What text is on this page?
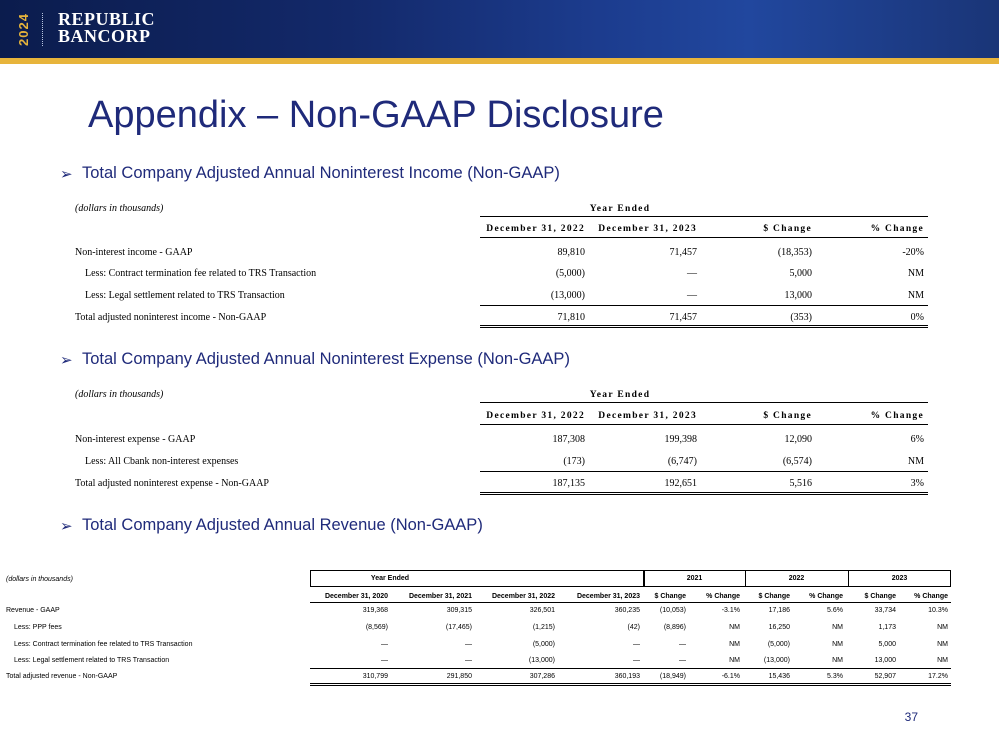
2024 REPUBLIC
BANCORP
Appendix – Non-GAAP Disclosure
➢ Total Company Adjusted Annual Noninterest Income (Non-GAAP)
(dollars in thousands)	Year Ended
December 31, 2022	December 31, 2023	$ Change	% Change
Non-interest income - GAAP	89,810	71,457	(18,353)	-20%
Less: Contract termination fee related to TRS Transaction	(5,000)	—	5,000	NM
Less: Legal settlement related to TRS Transaction	(13,000)	—	13,000	NM
Total adjusted noninterest income - Non-GAAP	71,810	71,457	(353)	0%
➢ Total Company Adjusted Annual Noninterest Expense (Non-GAAP)
(dollars in thousands)	Year Ended
December 31, 2022	December 31, 2023	$ Change	% Change
Non-interest expense - GAAP	187,308	199,398	12,090	6%
Less: All Cbank non-interest expenses	(173)	(6,747)	(6,574)	NM
Total adjusted noninterest expense - Non-GAAP	187,135	192,651	5,516	3%
➢ Total Company Adjusted Annual Revenue (Non-GAAP)
(dollars in thousands)	Year Ended	2021	2022	2023
December 31, 2020	December 31, 2021	December 31, 2022	December 31, 2023	$ Change	% Change	$ Change	% Change	$ Change	% Change
Revenue - GAAP	319,368	309,315	326,501	360,235	(10,053)	-3.1%	17,186	5.6%	33,734	10.3%
Less: PPP fees	(8,569)	(17,465)	(1,215)	(42)	(8,896)	NM	16,250	NM	1,173	NM
Less: Contract termination fee related to TRS Transaction	—	—	(5,000)	—	—	NM	(5,000)	NM	5,000	NM
Less: Legal settlement related to TRS Transaction	—	—	(13,000)	—	—	NM	(13,000)	NM	13,000	NM
Total adjusted revenue - Non-GAAP	310,799	291,850	307,286	360,193	(18,949)	-6.1%	15,436	5.3%	52,907	17.2%
37
